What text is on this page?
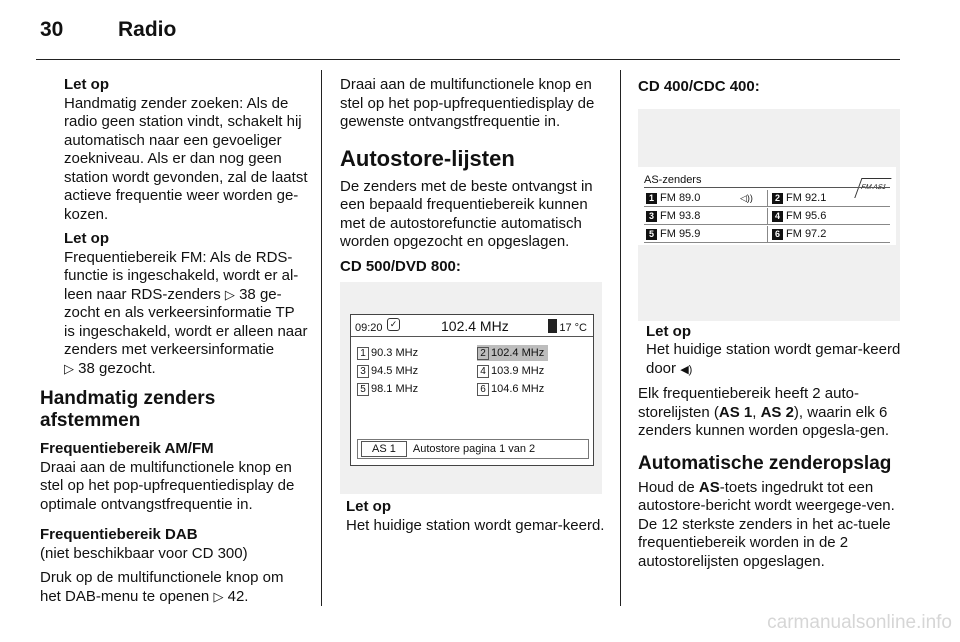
30	Radio
Let op

Handmatig zender zoeken: Als de radio geen station vindt, schakelt hij automatisch naar een gevoeliger zoekniveau. Als er dan nog geen station wordt gevonden, zal de laatst actieve frequentie weer worden ge-kozen.

Let op

Frequentiebereik FM: Als de RDS-functie is ingeschakeld, wordt er al-leen naar RDS-zenders ▷ 38 ge- zocht en als verkeersinformatie TP is ingeschakeld, wordt er alleen naar zenders met verkeersinformatie
▷ 38 gezocht.

Handmatig zenders afstemmen
Frequentiebereik AM/FM

Draai aan de multifunctionele knop en stel op het pop-upfrequentiedisplay de optimale ontvangstfrequentie in.

Frequentiebereik DAB

(niet beschikbaar voor CD 300)

Druk op de multifunctionele knop om het DAB-menu te openen ▷ 42.

Draai aan de multifunctionele knop en stel op het pop-upfrequentiedisplay de gewenste ontvangstfrequentie in.

Autostore-lijsten

De zenders met de beste ontvangst in een bepaald frequentiebereik kunnen met de autostorefunctie automatisch worden opgezocht en opgeslagen.

CD 500/DVD 800:
09:20 ✓	102.4 MHz	17 °C
1 90.3 MHz	2 102.4 MHz
3 94.5 MHz	4 103.9 MHz
5 98.1 MHz	6 104.6 MHz
AS 1 Autostore pagina 1 van 2
Let op

Het huidige station wordt gemar-keerd.

CD 400/CDC 400:
AS-zenders
1 FM 89.0	◁))	2 FM 92.1
3 FM 93.8	4 FM 95.6
5 FM 95.9	6 FM 97.2
Let op

Het huidige station wordt gemar-keerd door ◀)

Elk frequentiebereik heeft 2 auto-storelijsten (AS 1, AS 2), waarin elk 6 zenders kunnen worden opgesla-gen.

Automatische zenderopslag

Houd de AS-toets ingedrukt tot een autostore-bericht wordt weergege-ven. De 12 sterkste zenders in het ac-tuele frequentiebereik worden in de 2 autostorelijsten opgeslagen.

carmanualsonline.info
